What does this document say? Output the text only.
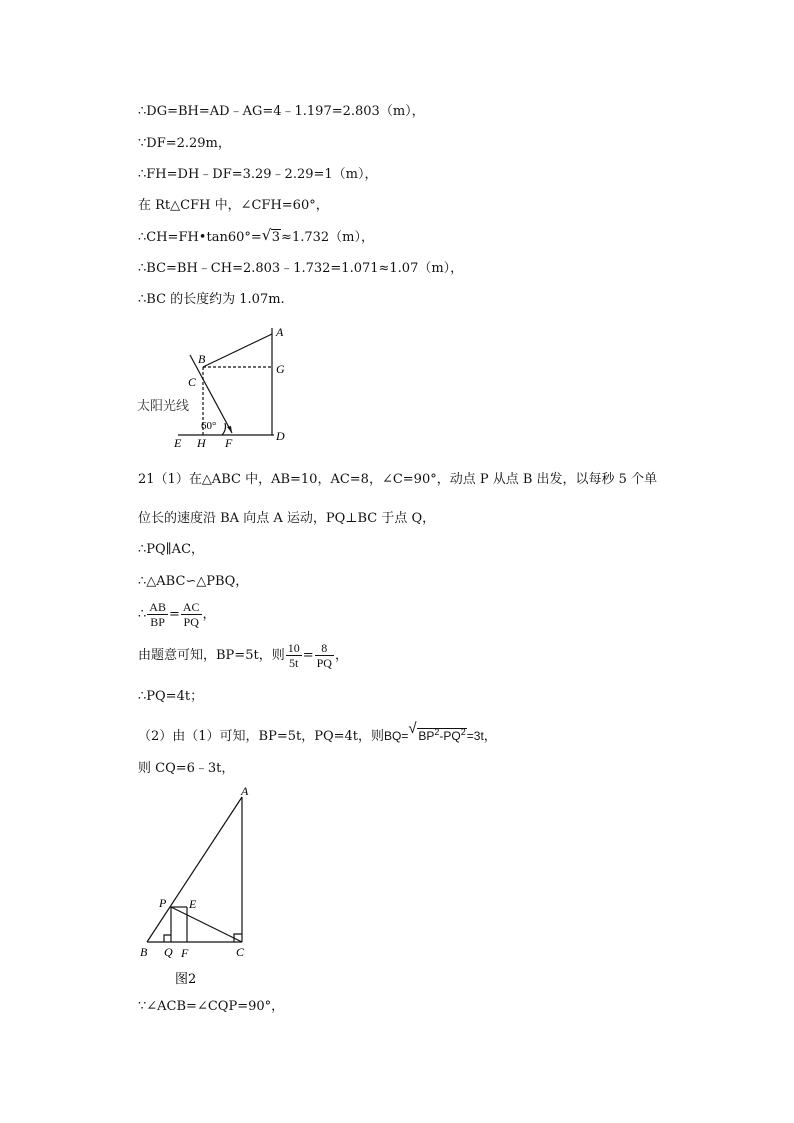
∴DG=BH=AD﹣AG=4﹣1.197=2.803（m），
∵DF=2.29m，
∴FH=DH﹣DF=3.29﹣2.29=1（m），
在 Rt△CFH 中，∠CFH=60°，
∴CH=FH•tan60°= √ 3≈1.732（m），
∴BC=BH﹣CH=2.803﹣1.732=1.071≈1.07（m），
∴BC 的长度约为 1.07m.
A
B
C
G
D
E H F
60°
太阳光线
21（1）在△ABC 中，AB=10，AC=8，∠C=90°，动点 P 从点 B 出发，以每秒 5 个单
位长的速度沿 BA 向点 A 运动，PQ⊥BC 于点 Q，
∴PQ∥AC，
∴△ABC∽△PBQ，
∴ $\frac{AB}{BP} = \frac{AC}{PQ}$ ，
由题意可知，BP=5t，则 $\frac{10}{5t} = \frac{8}{PQ}$ ，
∴PQ=4t；
（2）由（1）可知，BP=5t，PQ=4t，则BQ= √ $BP^2-PQ^2=3t$，
则 CQ=6﹣3t，
A
P E
B Q F	C
图2
∵∠ACB=∠CQP=90°，
